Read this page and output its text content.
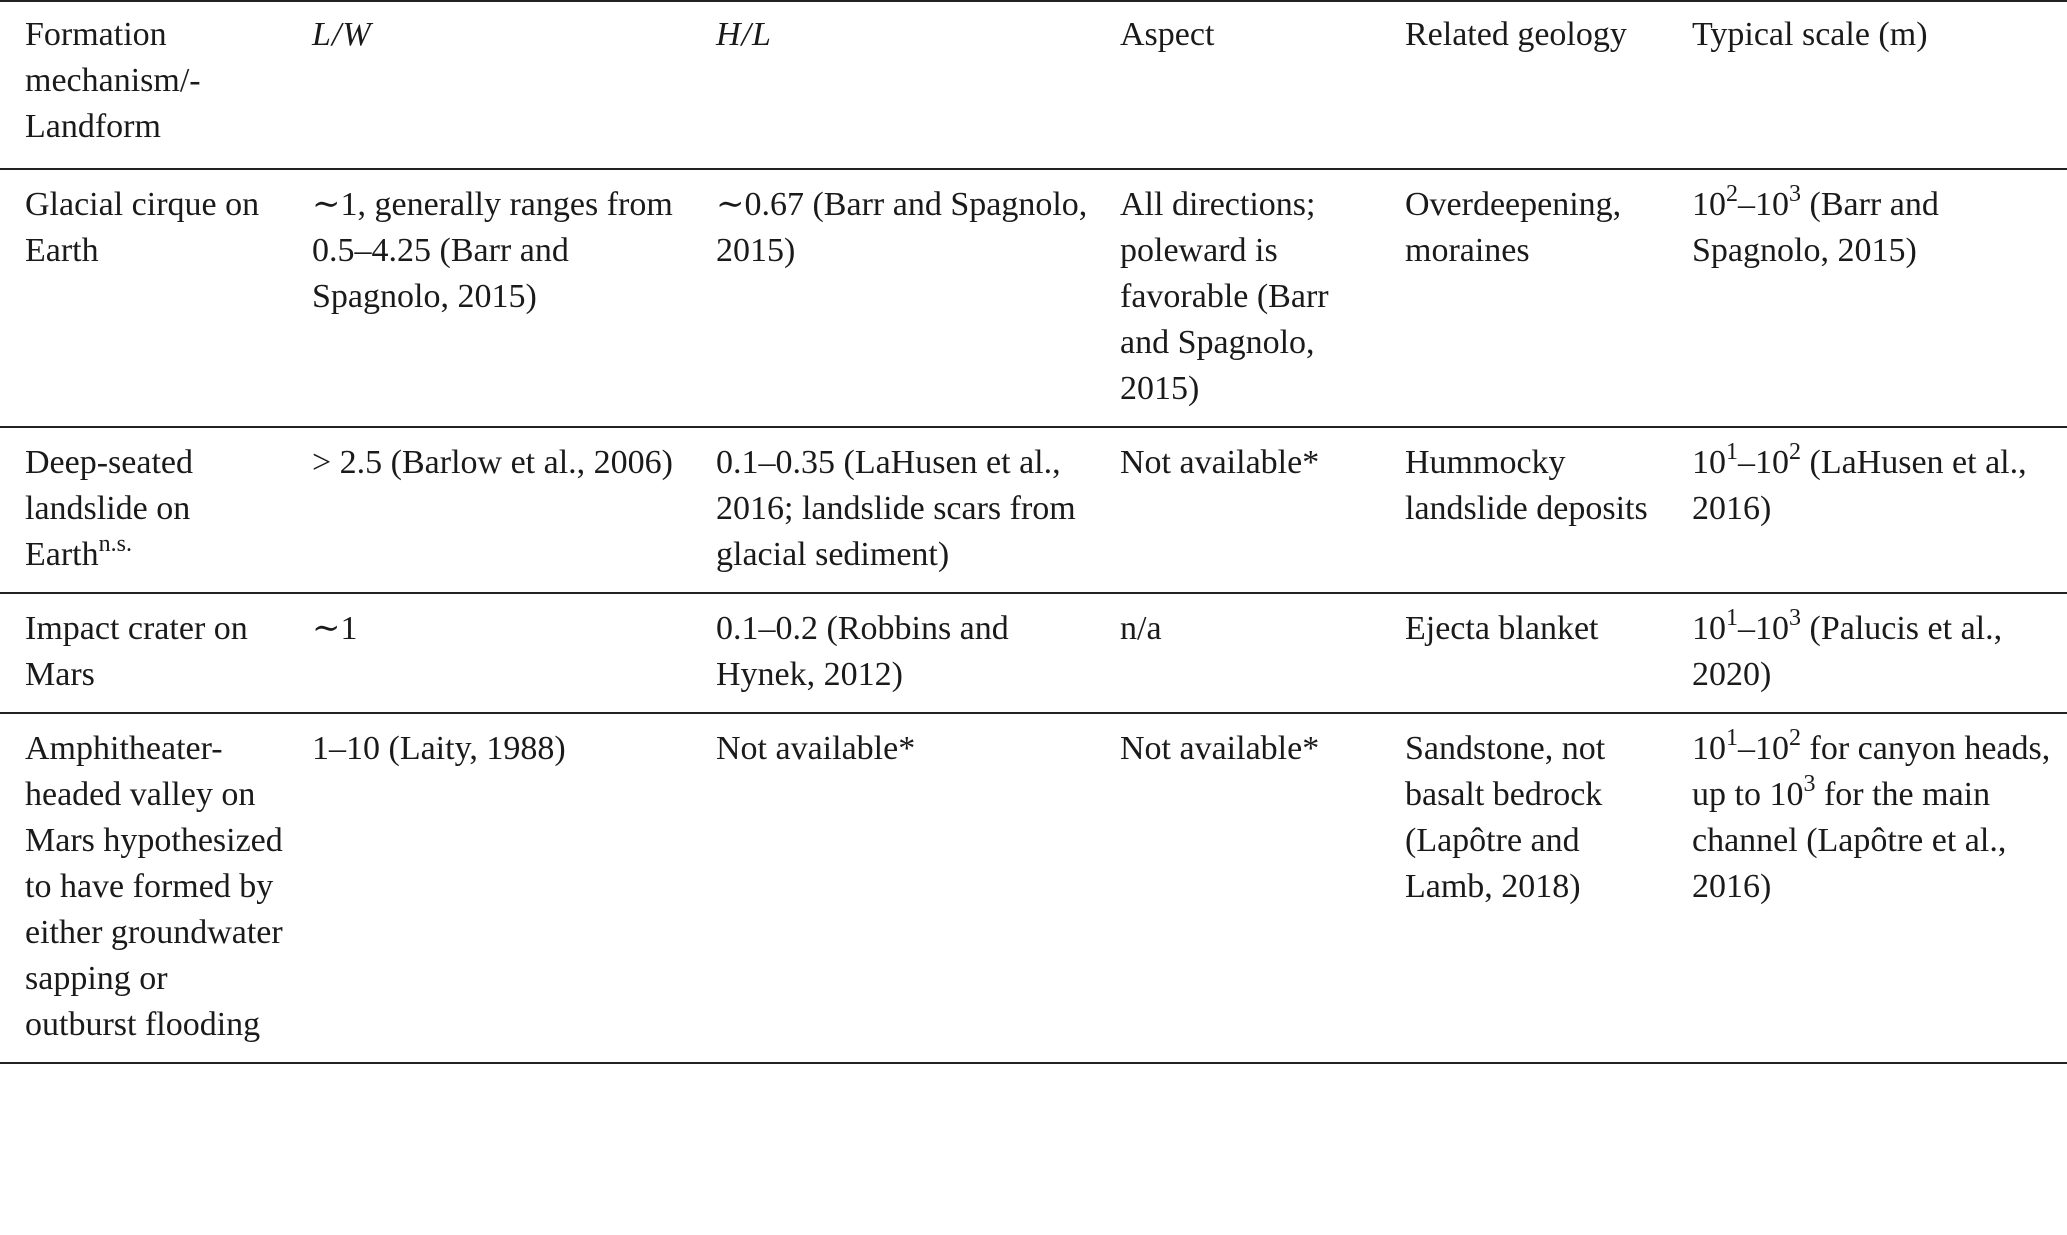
Formation mechanism/-Landform	L/W	H/L	Aspect	Related geology	Typical scale (m)
Glacial cirque on Earth	∼1, generally ranges from 0.5–4.25 (Barr and Spagnolo, 2015)	∼0.67 (Barr and Spagnolo, 2015)	All directions; poleward is favorable (Barr and Spagnolo, 2015)	Overdeepening, moraines	$10^2-10^3$ (Barr and Spagnolo, 2015)
Deep-seated landslide on Earth$^{n.s.}$	> 2.5 (Barlow et al., 2006)	0.1–0.35 (LaHusen et al., 2016; landslide scars from glacial sediment)	Not available*	Hummocky landslide deposits	$10^1-10^2$ (LaHusen et al., 2016)
Impact crater on Mars	∼1	0.1–0.2 (Robbins and Hynek, 2012)	n/a	Ejecta blanket	$10^1-10^3$ (Palucis et al., 2020)
Amphitheater-headed valley on Mars hypothesized to have formed by either groundwater sapping or outburst flooding	1–10 (Laity, 1988)	Not available*	Not available*	Sandstone, not basalt bedrock (Lapôtre and Lamb, 2018)	$10^1-10^2$ for canyon heads, up to $10^3$ for the main channel (Lapôtre et al., 2016)
